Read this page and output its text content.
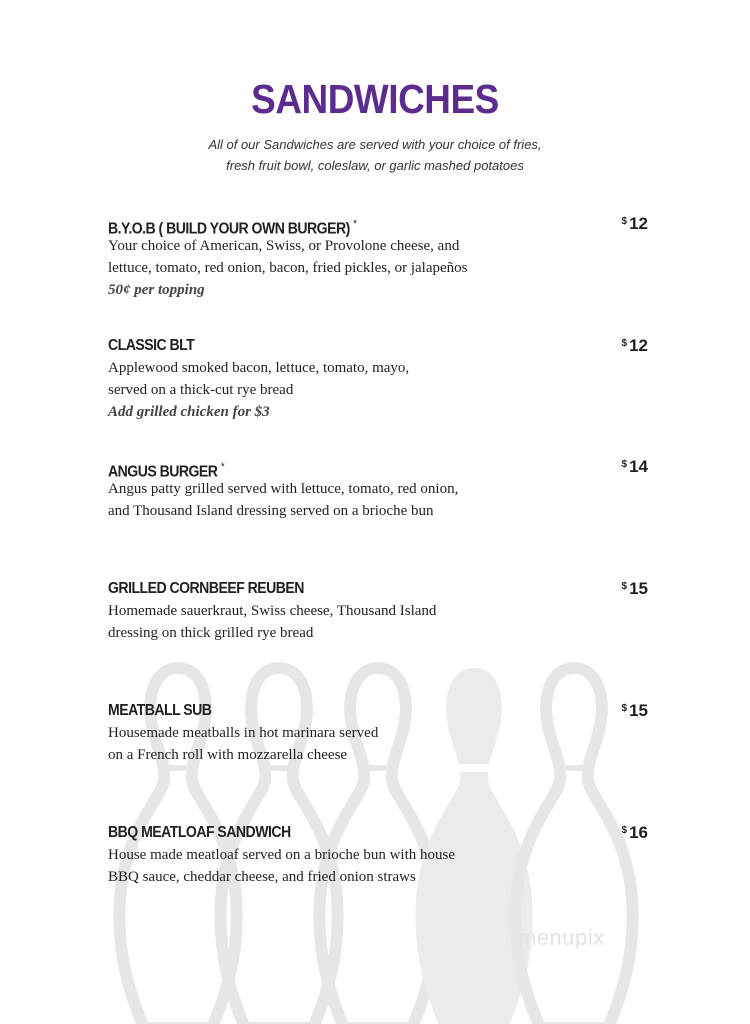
SANDWICHES
All of our Sandwiches are served with your choice of fries,
fresh fruit bowl, coleslaw, or garlic mashed potatoes
B.Y.O.B ( BUILD YOUR OWN BURGER) *	$ 12
Your choice of American, Swiss, or Provolone cheese, and
lettuce, tomato, red onion, bacon, fried pickles, or jalapeños
50¢ per topping
CLASSIC BLT	$ 12
Applewood smoked bacon, lettuce, tomato, mayo,
served on a thick-cut rye bread
Add grilled chicken for $3
ANGUS BURGER *	$ 14
Angus patty grilled served with lettuce, tomato, red onion,
and Thousand Island dressing served on a brioche bun
GRILLED CORNBEEF REUBEN	$ 15
Homemade sauerkraut, Swiss cheese, Thousand Island
dressing on thick grilled rye bread
MEATBALL SUB	$ 15
Housemade meatballs in hot marinara served
on a French roll with mozzarella cheese
BBQ MEATLOAF SANDWICH	$ 16
House made meatloaf served on a brioche bun with house
BBQ sauce, cheddar cheese, and fried onion straws
menupix
